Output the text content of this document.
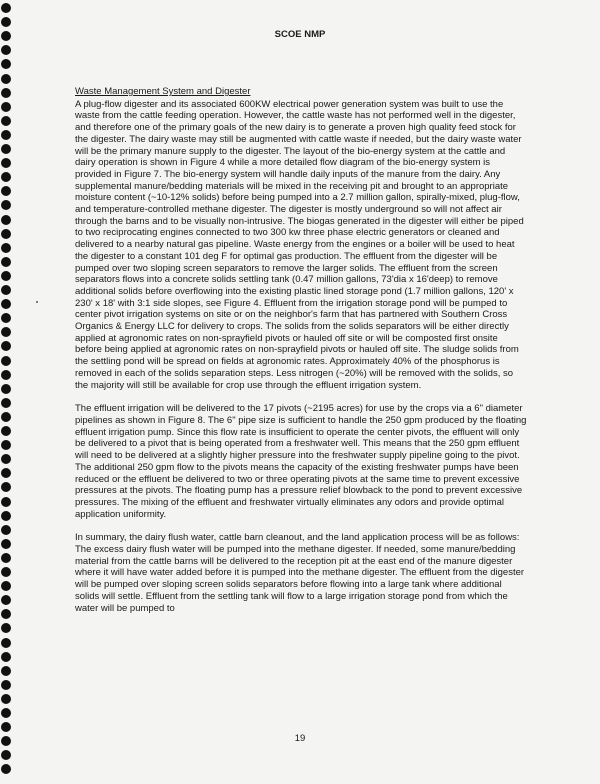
SCOE NMP
Waste Management System and Digester

A plug-flow digester and its associated 600KW electrical power generation system was built to use the waste from the cattle feeding operation. However, the cattle waste has not performed well in the digester, and therefore one of the primary goals of the new dairy is to generate a proven high quality feed stock for the digester. The dairy waste may still be augmented with cattle waste if needed, but the dairy waste water will be the primary manure supply to the digester. The layout of the bio-energy system at the cattle and dairy operation is shown in Figure 4 while a more detailed flow diagram of the bio-energy system is provided in Figure 7. The bio-energy system will handle daily inputs of the manure from the dairy. Any supplemental manure/bedding materials will be mixed in the receiving pit and brought to an appropriate moisture content (~10-12% solids) before being pumped into a 2.7 million gallon, spirally-mixed, plug-flow, and temperature-controlled methane digester. The digester is mostly underground so will not affect air through the barns and to be visually non-intrusive. The biogas generated in the digester will either be piped to two reciprocating engines connected to two 300 kw three phase electric generators or cleaned and delivered to a nearby natural gas pipeline. Waste energy from the engines or a boiler will be used to heat the digester to a constant 101 deg F for optimal gas production. The effluent from the digester will be pumped over two sloping screen separators to remove the larger solids. The effluent from the screen separators flows into a concrete solids settling tank (0.47 million gallons, 73'dia x 16'deep) to remove additional solids before overflowing into the existing plastic lined storage pond (1.7 million gallons, 120' x 230' x 18' with 3:1 side slopes, see Figure 4. Effluent from the irrigation storage pond will be pumped to center pivot irrigation systems on site or on the neighbor's farm that has partnered with Southern Cross Organics & Energy LLC for delivery to crops. The solids from the solids separators will be either directly applied at agronomic rates on non-sprayfield pivots or hauled off site or will be composted first onsite before being applied at agronomic rates on non-sprayfield pivots or hauled off site. The sludge solids from the settling pond will be spread on fields at agronomic rates. Approximately 40% of the phosphorus is removed in each of the solids separation steps. Less nitrogen (~20%) will be removed with the solids, so the majority will still be available for crop use through the effluent irrigation system.

The effluent irrigation will be delivered to the 17 pivots (~2195 acres) for use by the crops via a 6" diameter pipelines as shown in Figure 8. The 6" pipe size is sufficient to handle the 250 gpm produced by the floating effluent irrigation pump. Since this flow rate is insufficient to operate the center pivots, the effluent will only be delivered to a pivot that is being operated from a freshwater well. This means that the 250 gpm effluent will need to be delivered at a slightly higher pressure into the freshwater supply pipeline going to the pivot. The additional 250 gpm flow to the pivots means the capacity of the existing freshwater pumps have been reduced or the effluent be delivered to two or three operating pivots at the same time to prevent excessive pressures at the pivots. The floating pump has a pressure relief blowback to the pond to prevent excessive pressures. The mixing of the effluent and freshwater virtually eliminates any odors and provide optimal application uniformity.

In summary, the dairy flush water, cattle barn cleanout, and the land application process will be as follows: The excess dairy flush water will be pumped into the methane digester. If needed, some manure/bedding material from the cattle barns will be delivered to the reception pit at the east end of the manure digester where it will have water added before it is pumped into the methane digester. The effluent from the digester will be pumped over sloping screen solids separators before flowing into a large tank where additional solids will settle. Effluent from the settling tank will flow to a large irrigation storage pond from which the water will be pumped to

19
